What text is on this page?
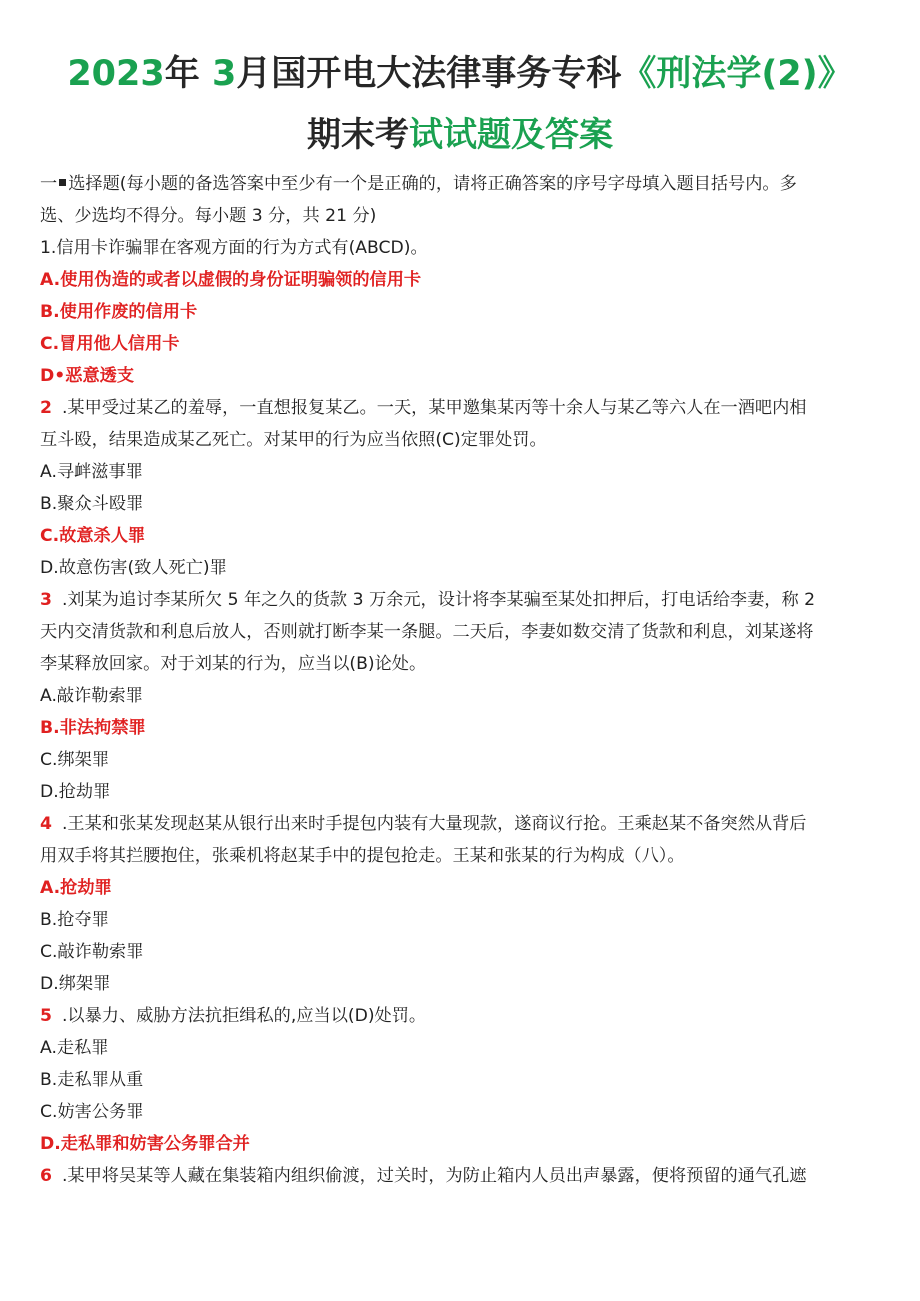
2023年 3月国开电大法律事务专科《刑法学(2)》
期末考试试题及答案
一 选择题(每小题的备选答案中至少有一个是正确的，请将正确答案的序号字母填入题目括号内。多
选、少选均不得分。每小题 3 分，共 21 分)
1.信用卡诈骗罪在客观方面的行为方式有(ABCD)。
A.使用伪造的或者以虚假的身份证明骗领的信用卡
B.使用作废的信用卡
C.冒用他人信用卡
D•恶意透支
2 .某甲受过某乙的羞辱，一直想报复某乙。一天，某甲邀集某丙等十余人与某乙等六人在一酒吧内相
互斗殴，结果造成某乙死亡。对某甲的行为应当依照(C)定罪处罚。
A.寻衅滋事罪
B.聚众斗殴罪
C.故意杀人罪
D.故意伤害(致人死亡)罪
3 .刘某为追讨李某所欠 5 年之久的货款 3 万余元，设计将李某骗至某处扣押后，打电话给李妻，称 2
天内交清货款和利息后放人，否则就打断李某一条腿。二天后，李妻如数交清了货款和利息，刘某遂将
李某释放回家。对于刘某的行为，应当以(B)论处。
A.敲诈勒索罪
B.非法拘禁罪
C.绑架罪
D.抢劫罪
4 .王某和张某发现赵某从银行出来时手提包内装有大量现款，遂商议行抢。王乘赵某不备突然从背后
用双手将其拦腰抱住，张乘机将赵某手中的提包抢走。王某和张某的行为构成（八）。
A.抢劫罪
B.抢夺罪
C.敲诈勒索罪
D.绑架罪
5 .以暴力、威胁方法抗拒缉私的,应当以(D)处罚。
A.走私罪
B.走私罪从重
C.妨害公务罪
D.走私罪和妨害公务罪合并
6 .某甲将吴某等人藏在集装箱内组织偷渡，过关时，为防止箱内人员出声暴露，便将预留的通气孔遮
